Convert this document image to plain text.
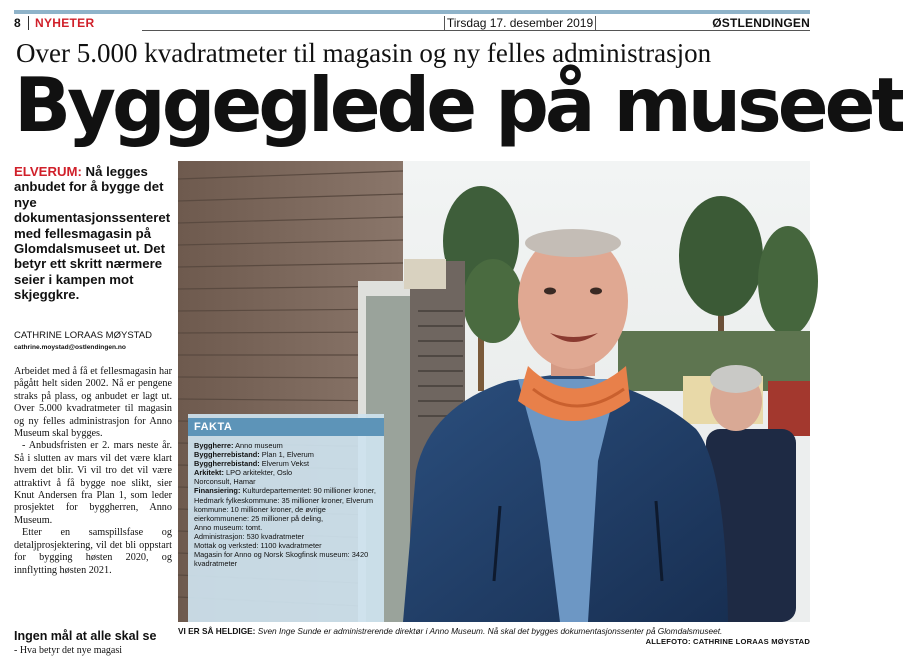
8	NYHETER	Tirsdag 17. desember 2019	ØSTLENDINGEN
Over 5.000 kvadratmeter til magasin og ny felles administrasjon
Byggeglede på museet
ELVERUM: Nå legges anbudet for å bygge det nye dokumentasjonssenteret med fellesmagasin på Glomdalsmuseet ut. Det betyr ett skritt nærmere seier i kampen mot skjeggkre.
CATHRINE LORAAS MØYSTAD
cathrine.moystad@ostlendingen.no

Arbeidet med å få et fellesmagasin har pågått helt siden 2002. Nå er pengene straks på plass, og anbudet er lagt ut. Over 5.000 kvadratmeter til magasin og ny felles administrasjon for Anno Museum skal bygges.

- Anbudsfristen er 2. mars neste år. Så i slutten av mars vil det være klart hvem det blir. Vi vil tro det vil være attraktivt å få bygge noe slikt, sier Knut Andersen fra Plan 1, som leder prosjektet for byggherren, Anno Museum.

Etter en samspillsfase og detaljprosjektering, vil det bli oppstart for bygging høsten 2020, og innflytting høsten 2021.

Ingen mål at alle skal se
- Hva betyr det nye magasi
FAKTA
Byggherre: Anno museum
Byggherrebistand: Plan 1, Elverum
Byggherrebistand: Elverum Vekst
Arkitekt: LPO arkitekter, Oslo
Norconsult, Hamar
Finansiering: Kulturdepartementet: 90 millioner kroner, Hedmark fylkeskommune: 35 millioner kroner, Elverum kommune: 10 millioner kroner, de øvrige eierkommunene: 25 millioner på deling,
Anno museum: tomt.
Administrasjon: 530 kvadratmeter
Mottak og verksted: 1100 kvadratmeter
Magasin for Anno og Norsk Skogfinsk museum: 3420 kvadratmeter
VI ER SÅ HELDIGE: Sven Inge Sunde er administrerende direktør i Anno Museum. Nå skal det bygges dokumentasjonssenter på Glomdalsmuseet.
ALLEFOTO: CATHRINE LORAAS MØYSTAD
